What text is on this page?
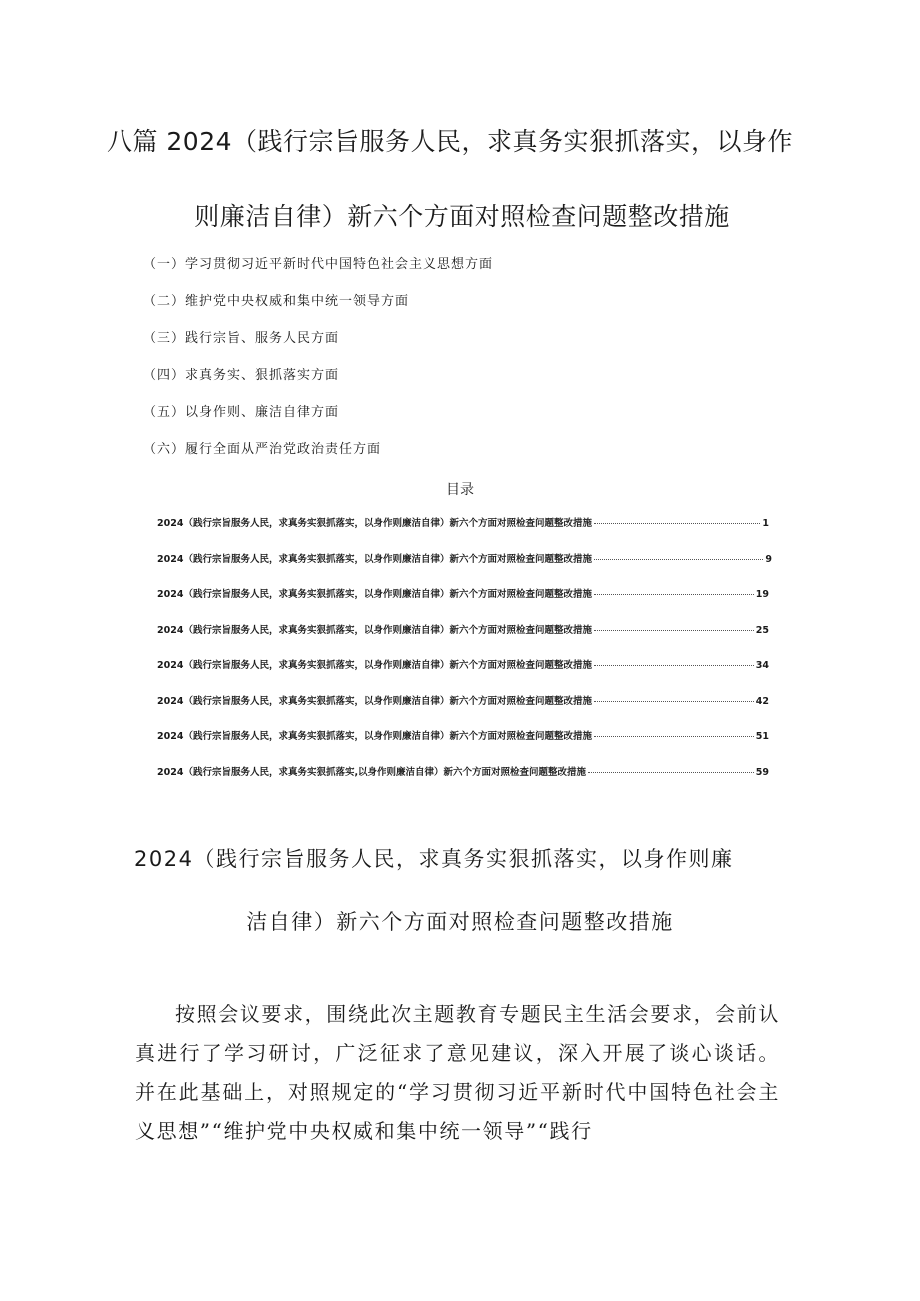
八篇 2024（践行宗旨服务人民，求真务实狠抓落实，以身作
则廉洁自律）新六个方面对照检查问题整改措施
（一）学习贯彻习近平新时代中国特色社会主义思想方面
（二）维护党中央权威和集中统一领导方面
（三）践行宗旨、服务人民方面
（四）求真务实、狠抓落实方面
（五）以身作则、廉洁自律方面
（六）履行全面从严治党政治责任方面
目录
2024（践行宗旨服务人民，求真务实狠抓落实，以身作则廉洁自律）新六个方面对照检查问题整改措施	1
2024（践行宗旨服务人民，求真务实狠抓落实，以身作则廉洁自律）新六个方面对照检查问题整改措施	9
2024（践行宗旨服务人民，求真务实狠抓落实，以身作则廉洁自律）新六个方面对照检查问题整改措施	19
2024（践行宗旨服务人民，求真务实狠抓落实，以身作则廉洁自律）新六个方面对照检查问题整改措施	25
2024（践行宗旨服务人民，求真务实狠抓落实，以身作则廉洁自律）新六个方面对照检查问题整改措施	34
2024（践行宗旨服务人民，求真务实狠抓落实，以身作则廉洁自律）新六个方面对照检查问题整改措施	42
2024（践行宗旨服务人民，求真务实狠抓落实，以身作则廉洁自律）新六个方面对照检查问题整改措施	51
2024（践行宗旨服务人民，求真务实狠抓落实,以身作则廉洁自律）新六个方面对照检查问题整改措施	59
2024（践行宗旨服务人民，求真务实狠抓落实，以身作则廉
洁自律）新六个方面对照检查问题整改措施

按照会议要求，围绕此次主题教育专题民主生活会要求，会前认真进行了学习研讨，广泛征求了意见建议，深入开展了谈心谈话。并在此基础上，对照规定的“学习贯彻习近平新时代中国特色社会主义思想”“维护党中央权威和集中统一领导”“践行
